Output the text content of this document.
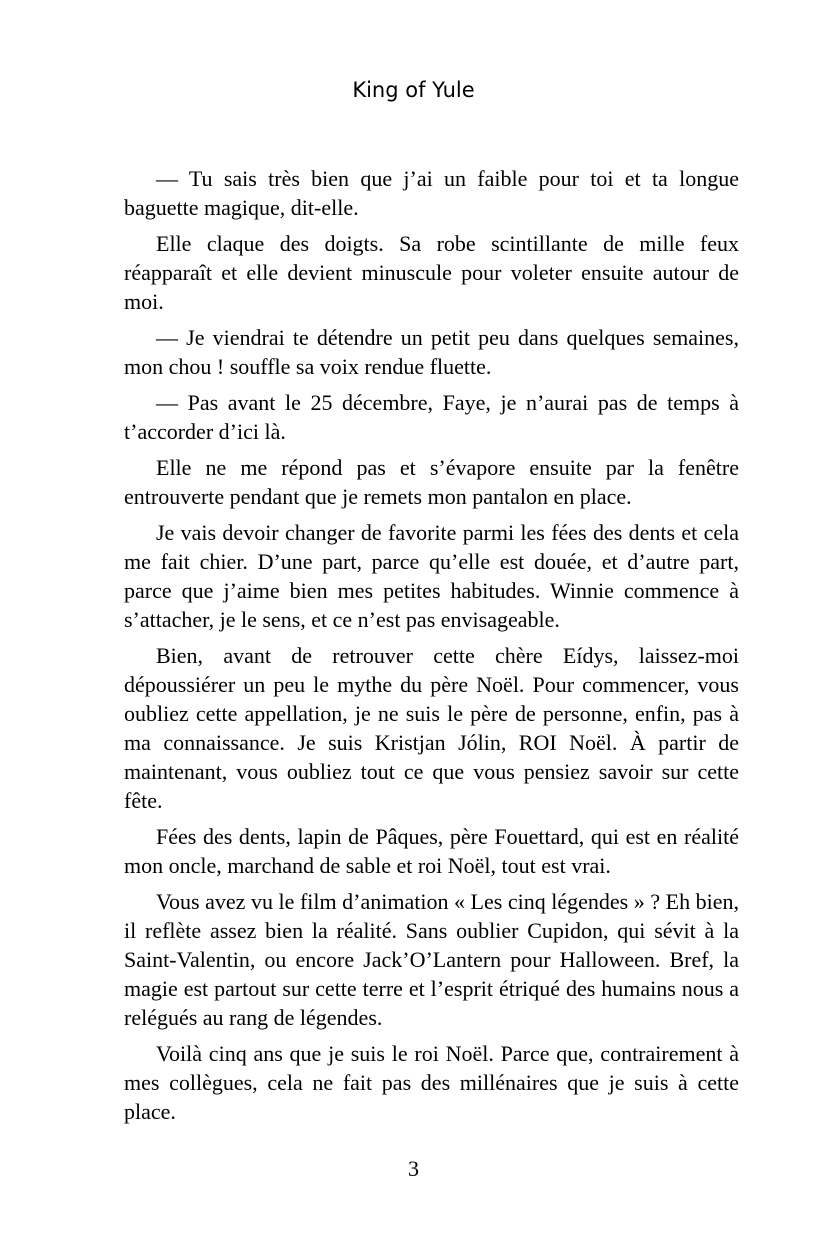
King of Yule

— Tu sais très bien que j’ai un faible pour toi et ta longue baguette magique, dit-elle.

Elle claque des doigts. Sa robe scintillante de mille feux réapparaît et elle devient minuscule pour voleter ensuite autour de moi.

— Je viendrai te détendre un petit peu dans quelques semaines, mon chou ! souffle sa voix rendue fluette.

— Pas avant le 25 décembre, Faye, je n’aurai pas de temps à t’accorder d’ici là.

Elle ne me répond pas et s’évapore ensuite par la fenêtre entrouverte pendant que je remets mon pantalon en place.

Je vais devoir changer de favorite parmi les fées des dents et cela me fait chier. D’une part, parce qu’elle est douée, et d’autre part, parce que j’aime bien mes petites habitudes. Winnie commence à s’attacher, je le sens, et ce n’est pas envisageable.

Bien, avant de retrouver cette chère Eídys, laissez-moi dépoussiérer un peu le mythe du père Noël. Pour commencer, vous oubliez cette appellation, je ne suis le père de personne, enfin, pas à ma connaissance. Je suis Kristjan Jólin, ROI Noël. À partir de maintenant, vous oubliez tout ce que vous pensiez savoir sur cette fête.

Fées des dents, lapin de Pâques, père Fouettard, qui est en réalité mon oncle, marchand de sable et roi Noël, tout est vrai.

Vous avez vu le film d’animation « Les cinq légendes » ? Eh bien, il reflète assez bien la réalité. Sans oublier Cupidon, qui sévit à la Saint-Valentin, ou encore Jack’O’Lantern pour Halloween. Bref, la magie est partout sur cette terre et l’esprit étriqué des humains nous a relégués au rang de légendes.

Voilà cinq ans que je suis le roi Noël. Parce que, contrairement à mes collègues, cela ne fait pas des millénaires que je suis à cette place.

3
